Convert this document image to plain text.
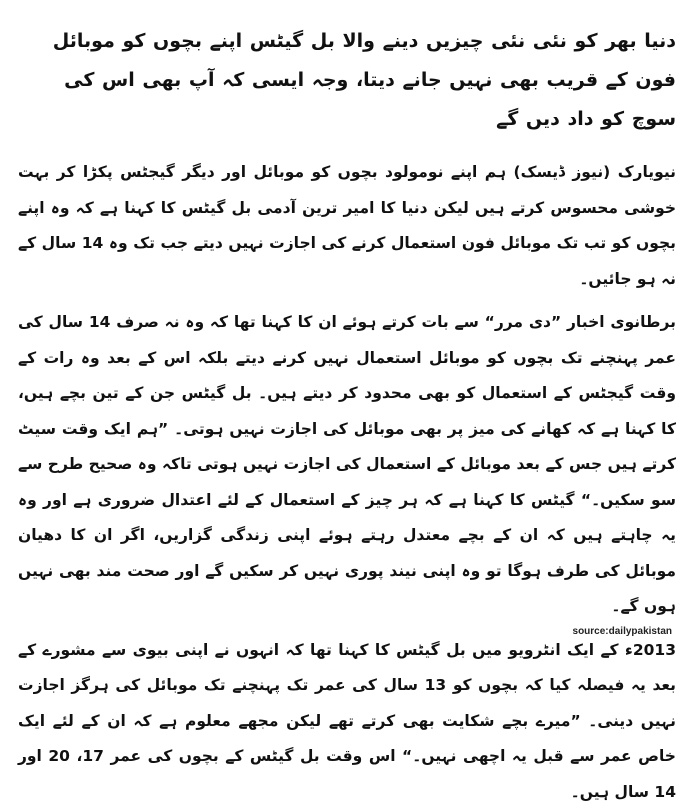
دنیا بھر کو نئی نئی چیزیں دینے والا بل گیٹس اپنے بچوں کو موبائل فون کے قریب بھی نہیں جانے دیتا، وجہ ایسی کہ آپ بھی اس کی سوچ کو داد دیں گے

نیویارک (نیوز ڈیسک) ہم اپنے نومولود بچوں کو موبائل اور دیگر گیجٹس پکڑا کر بہت خوشی محسوس کرتے ہیں لیکن دنیا کا امیر ترین آدمی بل گیٹس کا کہنا ہے کہ وہ اپنے بچوں کو تب تک موبائل فون استعمال کرنے کی اجازت نہیں دیتے جب تک وہ 14 سال کے نہ ہو جائیں۔

برطانوی اخبار ”دی مرر“ سے بات کرتے ہوئے ان کا کہنا تھا کہ وہ نہ صرف 14 سال کی عمر پہنچنے تک بچوں کو موبائل استعمال نہیں کرنے دیتے بلکہ اس کے بعد وہ رات کے وقت گیجٹس کے استعمال کو بھی محدود کر دیتے ہیں۔ بل گیٹس جن کے تین بچے ہیں، کا کہنا ہے کہ کھانے کی میز پر بھی موبائل کی اجازت نہیں ہوتی۔ ”ہم ایک وقت سیٹ کرتے ہیں جس کے بعد موبائل کے استعمال کی اجازت نہیں ہوتی تاکہ وہ صحیح طرح سے سو سکیں۔“ گیٹس کا کہنا ہے کہ ہر چیز کے استعمال کے لئے اعتدال ضروری ہے اور وہ یہ چاہتے ہیں کہ ان کے بچے معتدل رہتے ہوئے اپنی زندگی گزاریں، اگر ان کا دھیان موبائل کی طرف ہوگا تو وہ اپنی نیند پوری نہیں کر سکیں گے اور صحت مند بھی نہیں ہوں گے۔

2013ء کے ایک انٹرویو میں بل گیٹس کا کہنا تھا کہ انہوں نے اپنی بیوی سے مشورے کے بعد یہ فیصلہ کیا کہ بچوں کو 13 سال کی عمر تک پہنچنے تک موبائل کی ہرگز اجازت نہیں دینی۔ ”میرے بچے شکایت بھی کرتے تھے لیکن مجھے معلوم ہے کہ ان کے لئے ایک خاص عمر سے قبل یہ اچھی نہیں۔“ اس وقت بل گیٹس کے بچوں کی عمر 17، 20 اور 14 سال ہیں۔

source:dailypakistan
